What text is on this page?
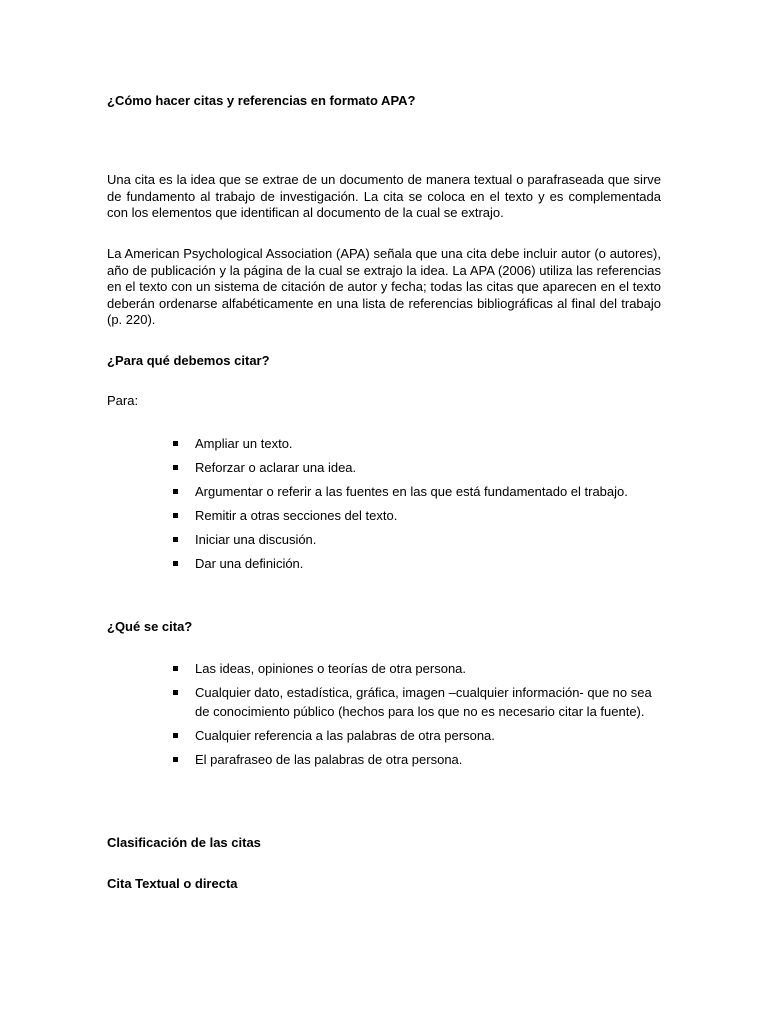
¿Cómo hacer citas y referencias en formato APA?

Una cita es la idea que se extrae de un documento de manera textual o parafraseada que sirve de fundamento al trabajo de investigación. La cita se coloca en el texto y es complementada con los elementos que identifican al documento de la cual se extrajo.

La American Psychological Association (APA) señala que una cita debe incluir autor (o autores), año de publicación y la página de la cual se extrajo la idea. La APA (2006) utiliza las referencias en el texto con un sistema de citación de autor y fecha; todas las citas que aparecen en el texto deberán ordenarse alfabéticamente en una lista de referencias bibliográficas al final del trabajo (p. 220).

¿Para qué debemos citar?

Para:

Ampliar un texto.
Reforzar o aclarar una idea.
Argumentar o referir a las fuentes en las que está fundamentado el trabajo.
Remitir a otras secciones del texto.
Iniciar una discusión.
Dar una definición.
¿Qué se cita?
Las ideas, opiniones o teorías de otra persona.
Cualquier dato, estadística, gráfica, imagen –cualquier información- que no sea de conocimiento público (hechos para los que no es necesario citar la fuente).
Cualquier referencia a las palabras de otra persona.
El parafraseo de las palabras de otra persona.
Clasificación de las citas
Cita Textual o directa
